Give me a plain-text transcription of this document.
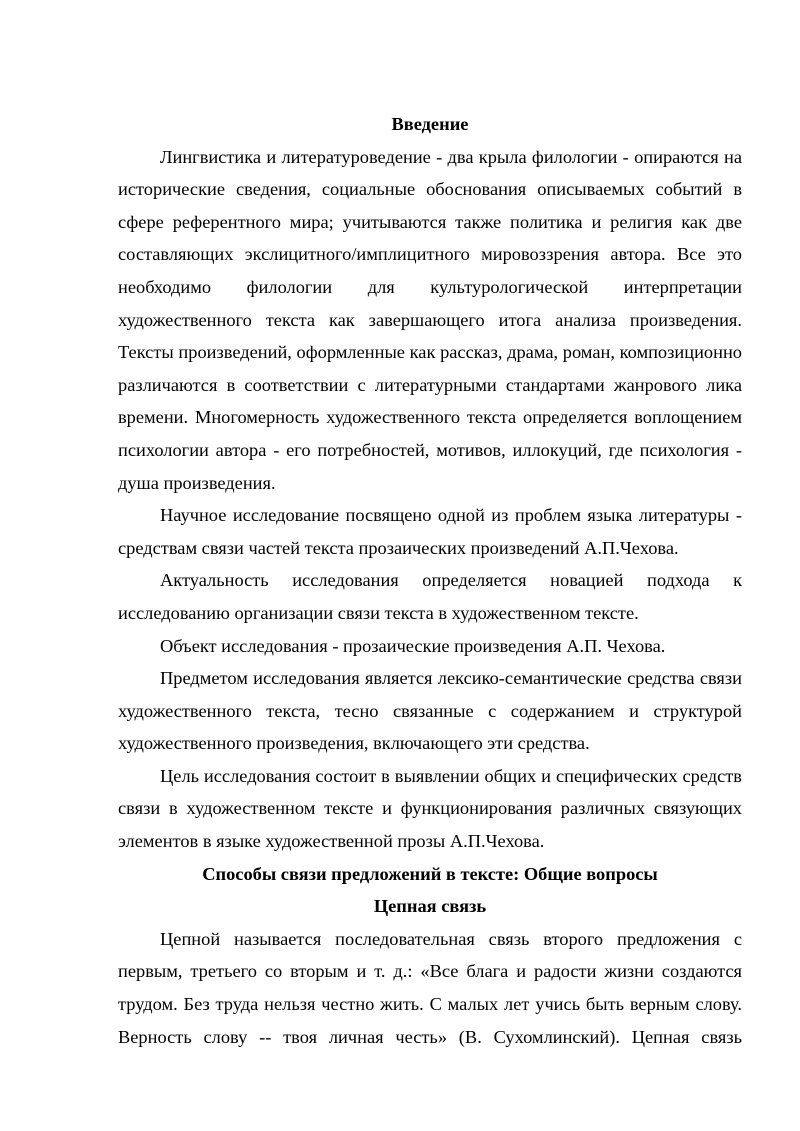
Введение

Лингвистика и литературоведение - два крыла филологии - опираются на исторические сведения, социальные обоснования описываемых событий в сфере референтного мира; учитываются также политика и религия как две составляющих экслицитного/имплицитного мировоззрения автора. Все это необходимо филологии для культурологической интерпретации художественного текста как завершающего итога анализа произведения. Тексты произведений, оформленные как рассказ, драма, роман, композиционно различаются в соответствии с литературными стандартами жанрового лика времени. Многомерность художественного текста определяется воплощением психологии автора - его потребностей, мотивов, иллокуций, где психология - душа произведения.

Научное исследование посвящено одной из проблем языка литературы - средствам связи частей текста прозаических произведений А.П.Чехова.

Актуальность исследования определяется новацией подхода к исследованию организации связи текста в художественном тексте.

Объект исследования - прозаические произведения А.П. Чехова.

Предметом исследования является лексико-семантические средства связи художественного текста, тесно связанные с содержанием и структурой художественного произведения, включающего эти средства.

Цель исследования состоит в выявлении общих и специфических средств связи в художественном тексте и функционирования различных связующих элементов в языке художественной прозы А.П.Чехова.

Способы связи предложений в тексте: Общие вопросы
Цепная связь

Цепной называется последовательная связь второго предложения с первым, третьего со вторым и т. д.: «Все блага и радости жизни создаются трудом. Без труда нельзя честно жить. С малых лет учись быть верным слову. Верность слову -- твоя личная честь» (В. Сухомлинский). Цепная связь
